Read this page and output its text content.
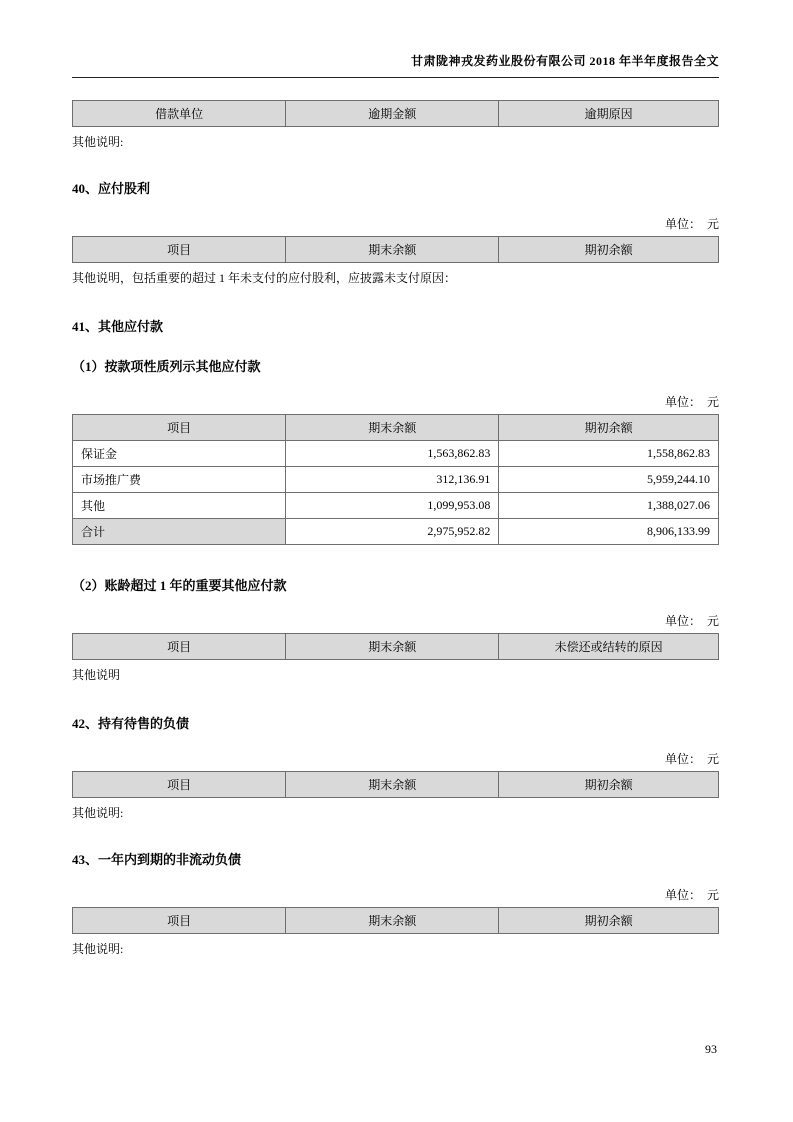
甘肃陇神戎发药业股份有限公司 2018 年半年度报告全文
借款单位	逾期金额	逾期原因
其他说明:
40、应付股利
单位：　元
项目	期末余额	期初余额
其他说明，包括重要的超过 1 年未支付的应付股利，应披露未支付原因：
41、其他应付款
（1）按款项性质列示其他应付款
单位：　元
项目	期末余额	期初余额
保证金	1,563,862.83	1,558,862.83
市场推广费	312,136.91	5,959,244.10
其他	1,099,953.08	1,388,027.06
合计	2,975,952.82	8,906,133.99
（2）账龄超过 1 年的重要其他应付款
单位：　元
项目	期末余额	未偿还或结转的原因
其他说明
42、持有待售的负债
单位：　元
项目	期末余额	期初余额
其他说明:
43、一年内到期的非流动负债
单位：　元
项目	期末余额	期初余额
其他说明:
93
